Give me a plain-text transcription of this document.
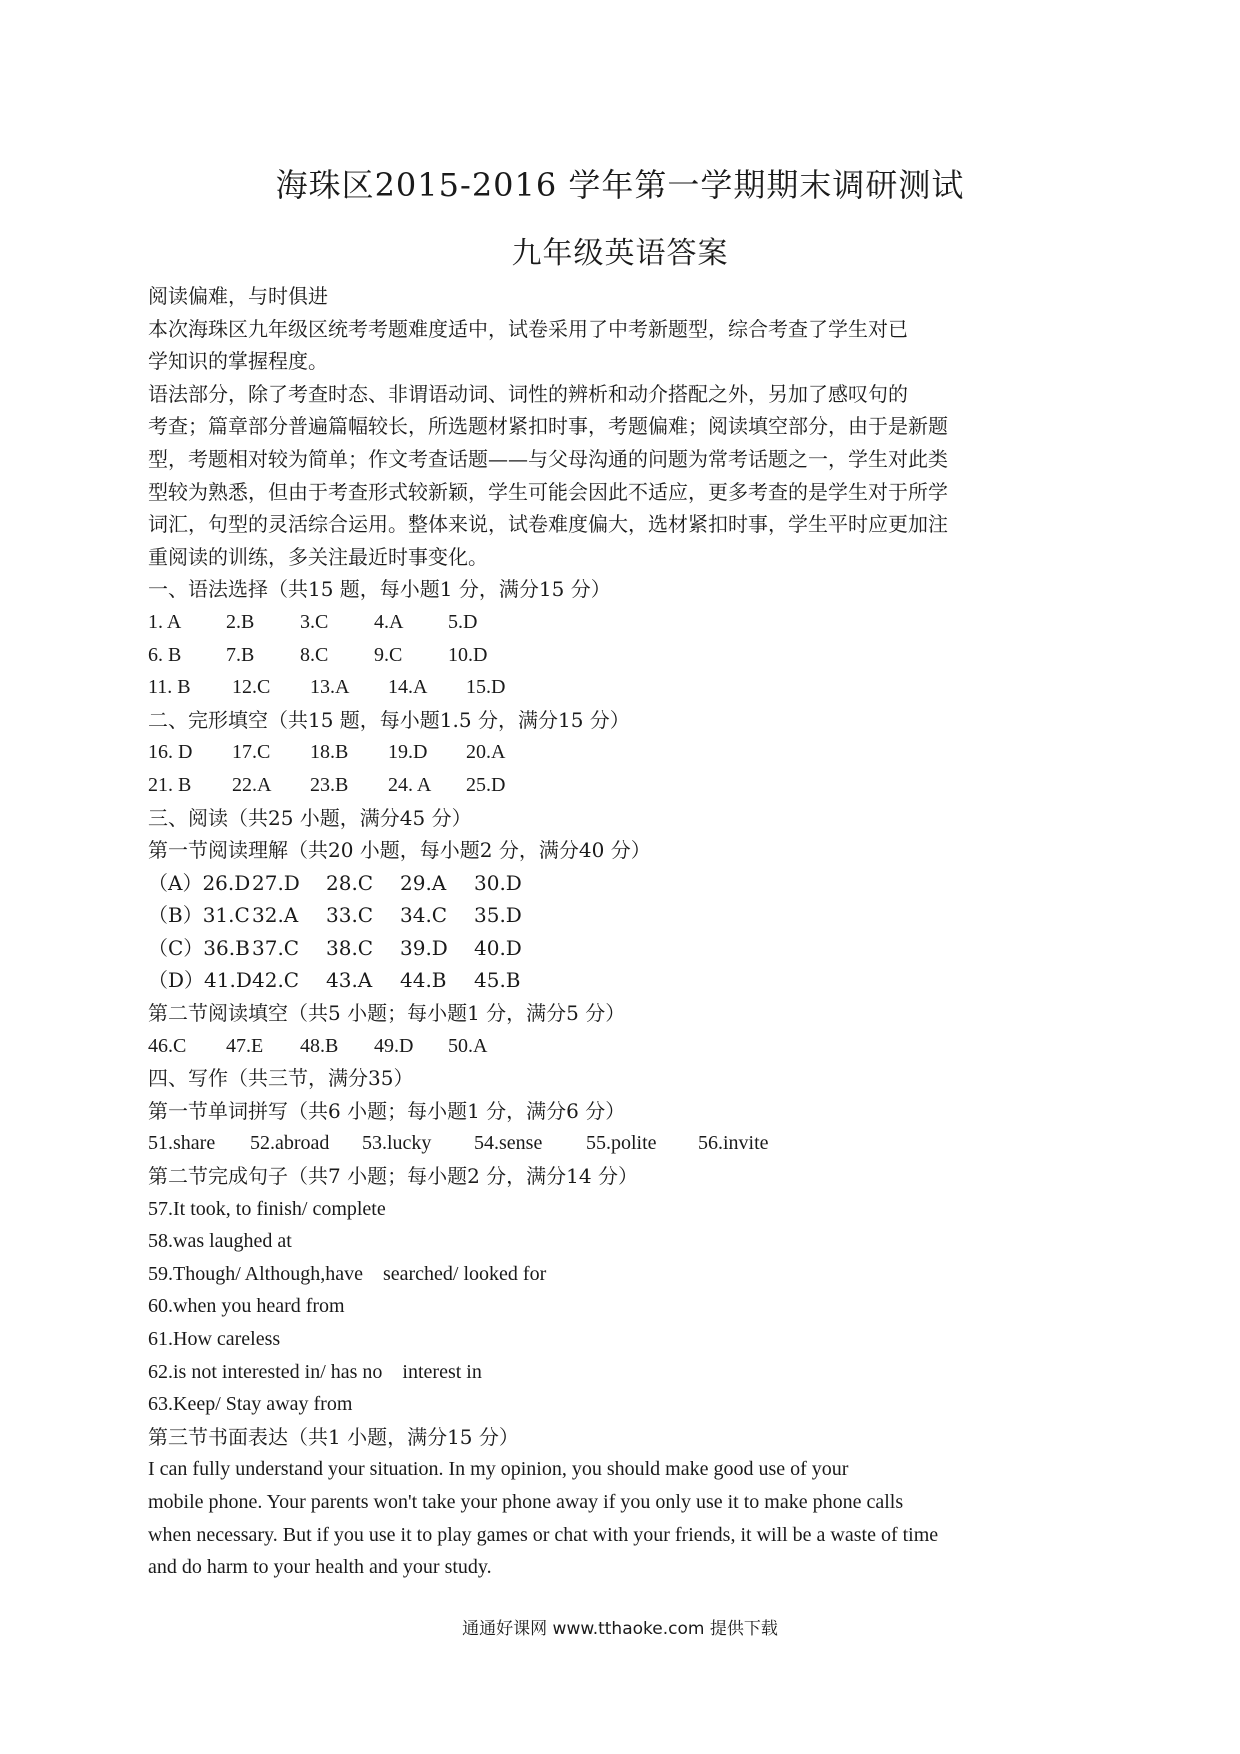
海珠区2015-2016 学年第一学期期末调研测试
九年级英语答案
阅读偏难，与时俱进
本次海珠区九年级区统考考题难度适中，试卷采用了中考新题型，综合考查了学生对已
学知识的掌握程度。
语法部分，除了考查时态、非谓语动词、词性的辨析和动介搭配之外，另加了感叹句的
考查；篇章部分普遍篇幅较长，所选题材紧扣时事，考题偏难；阅读填空部分，由于是新题
型，考题相对较为简单；作文考查话题——与父母沟通的问题为常考话题之一，学生对此类
型较为熟悉，但由于考查形式较新颖，学生可能会因此不适应，更多考查的是学生对于所学
词汇，句型的灵活综合运用。整体来说，试卷难度偏大，选材紧扣时事，学生平时应更加注
重阅读的训练，多关注最近时事变化。
一、语法选择（共15 题，每小题1 分，满分15 分）
1. A	2.B	3.C	4.A	5.D
6. B	7.B	8.C	9.C	10.D
11. B	12.C	13.A	14.A	15.D
二、完形填空（共15 题，每小题1.5 分，满分15 分）
16. D	17.C	18.B	19.D	20.A
21. B	22.A	23.B	24. A	25.D
三、阅读（共25 小题，满分45 分）
第一节阅读理解（共20 小题，每小题2 分，满分40 分）
（A）26.D 27.D	28.C	29.A	30.D
（B）31.C 32.A	33.C	34.C	35.D
（C）36.B 37.C	38.C	39.D	40.D
（D）41.D 42.C	43.A	44.B	45.B
第二节阅读填空（共5 小题；每小题1 分，满分5 分）
46.C	47.E	48.B	49.D	50.A
四、写作（共三节，满分35）
第一节单词拼写（共6 小题；每小题1 分，满分6 分）
51.share	52.abroad	53.lucky	54.sense	55.polite	56.invite
第二节完成句子（共7 小题；每小题2 分，满分14 分）
57.It took, to finish/ complete
58.was laughed at
59.Though/ Although,have　searched/ looked for
60.when you heard from
61.How careless
62.is not interested in/ has no　interest in
63.Keep/ Stay away from
第三节书面表达（共1 小题，满分15 分）
I can fully understand your situation. In my opinion, you should make good use of your
mobile phone. Your parents won't take your phone away if you only use it to make phone calls
when necessary. But if you use it to play games or chat with your friends, it will be a waste of time
and do harm to your health and your study.
通通好课网 www.tthaoke.com 提供下载
